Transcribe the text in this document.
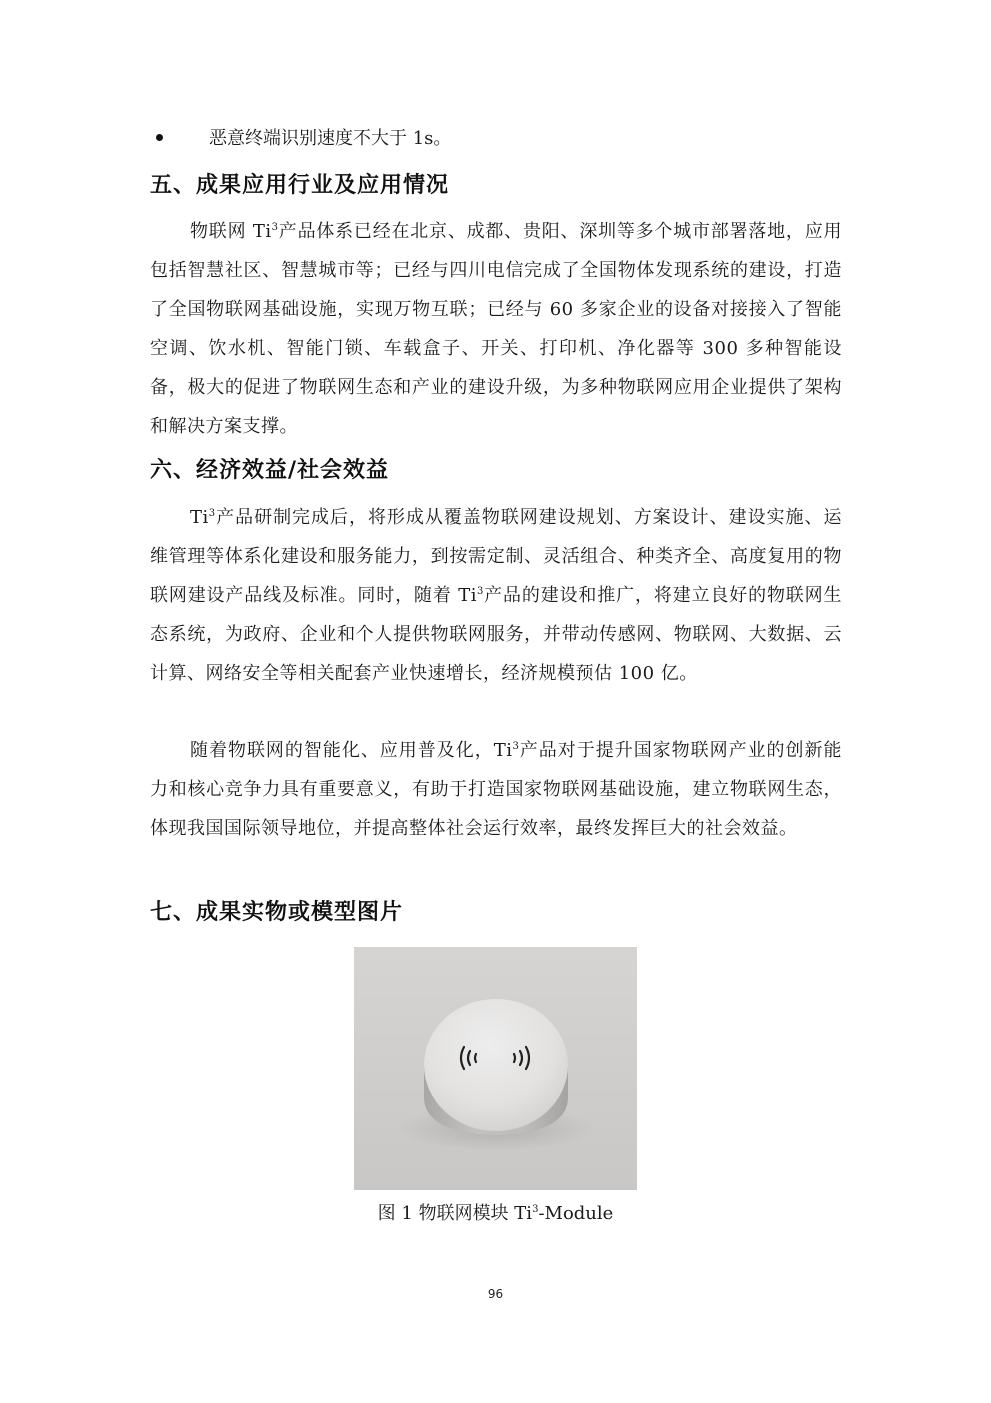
恶意终端识别速度不大于 1s。
五、成果应用行业及应用情况
物联网 Ti$^3$产品体系已经在北京、成都、贵阳、深圳等多个城市部署落地，应用包括智慧社区、智慧城市等；已经与四川电信完成了全国物体发现系统的建设，打造了全国物联网基础设施，实现万物互联；已经与 60 多家企业的设备对接接入了智能空调、饮水机、智能门锁、车载盒子、开关、打印机、净化器等 300 多种智能设备，极大的促进了物联网生态和产业的建设升级，为多种物联网应用企业提供了架构和解决方案支撑。
六、经济效益/社会效益
Ti$^3$产品研制完成后，将形成从覆盖物联网建设规划、方案设计、建设实施、运维管理等体系化建设和服务能力，到按需定制、灵活组合、种类齐全、高度复用的物联网建设产品线及标准。同时，随着 Ti$^3$产品的建设和推广，将建立良好的物联网生态系统，为政府、企业和个人提供物联网服务，并带动传感网、物联网、大数据、云计算、网络安全等相关配套产业快速增长，经济规模预估 100 亿。
随着物联网的智能化、应用普及化，Ti$^3$产品对于提升国家物联网产业的创新能力和核心竞争力具有重要意义，有助于打造国家物联网基础设施，建立物联网生态，体现我国国际领导地位，并提高整体社会运行效率，最终发挥巨大的社会效益。
七、成果实物或模型图片
图 1 物联网模块 Ti$^3$-Module
96
